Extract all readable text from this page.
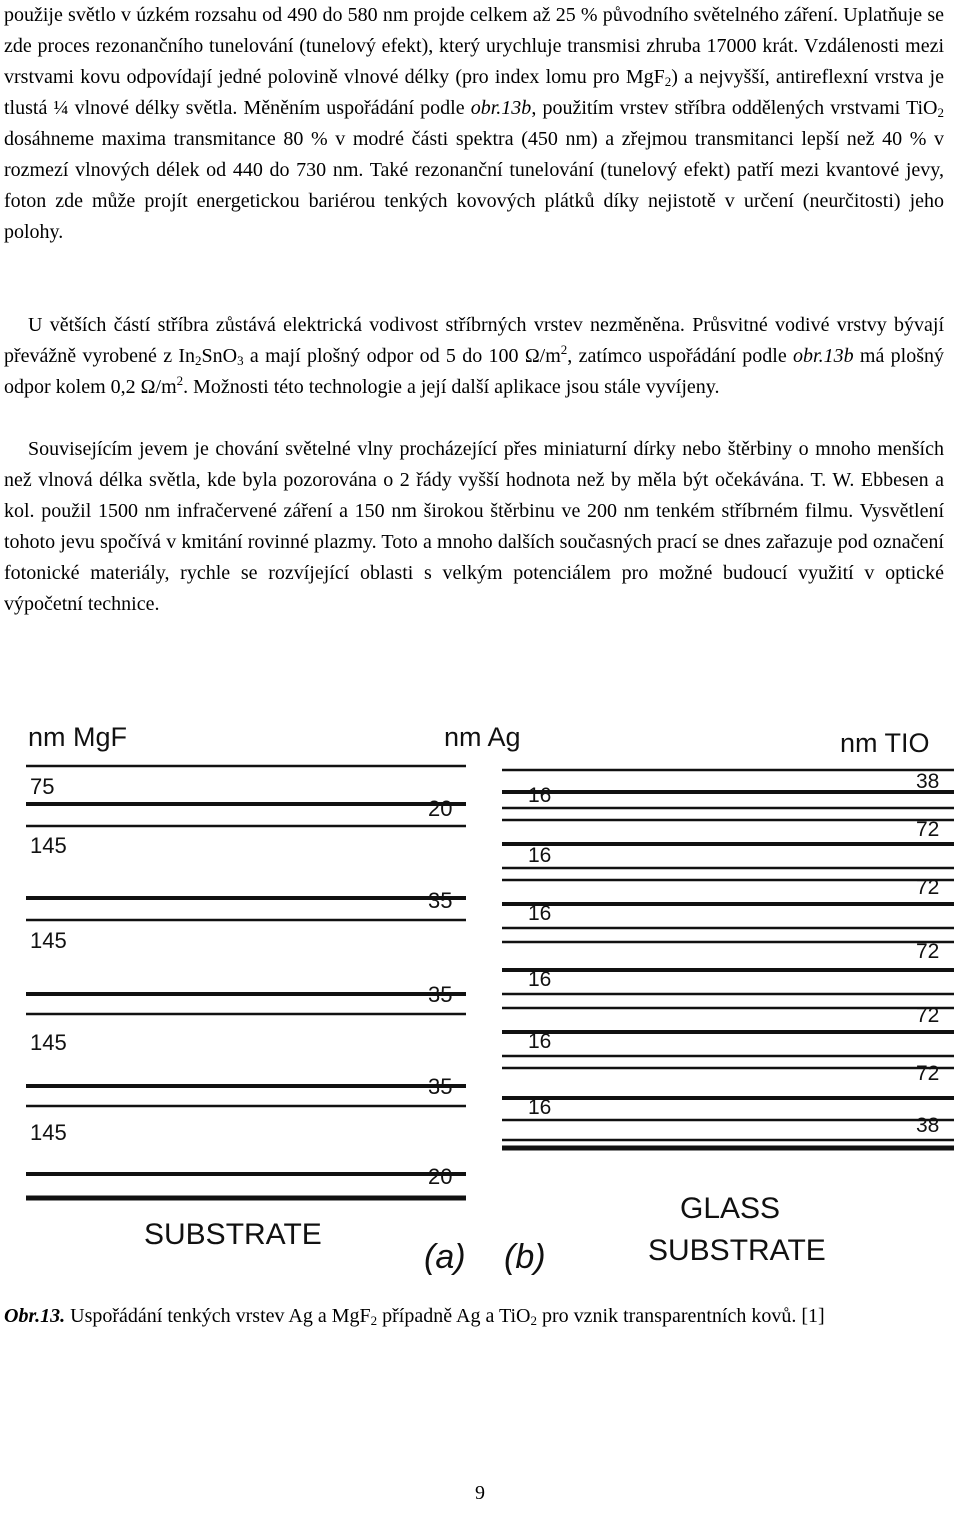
použije světlo v úzkém rozsahu od 490 do 580 nm projde celkem až 25 % původního světelného záření. Uplatňuje se zde proces rezonančního tunelování (tunelový efekt), který urychluje transmisi zhruba 17000 krát. Vzdálenosti mezi vrstvami kovu odpovídají jedné polovině vlnové délky (pro index lomu pro MgF$_2$) a nejvyšší, antireflexní vrstva je tlustá ¼ vlnové délky světla. Měněním uspořádání podle obr.13b, použitím vrstev stříbra oddělených vrstvami TiO$_2$ dosáhneme maxima transmitance 80 % v modré části spektra (450 nm) a zřejmou transmitanci lepší než 40 % v rozmezí vlnových délek od 440 do 730 nm. Také rezonanční tunelování (tunelový efekt) patří mezi kvantové jevy, foton zde může projít energetickou bariérou tenkých kovových plátků díky nejistotě v určení (neurčitosti) jeho polohy.
U větších částí stříbra zůstává elektrická vodivost stříbrných vrstev nezměněna. Průsvitné vodivé vrstvy bývají převážně vyrobené z $In_2SnO_3$ a mají plošný odpor od 5 do 100 $\Omega/m^2$, zatímco uspořádání podle obr.13b má plošný odpor kolem 0,2 $\Omega/m^2$. Možnosti této technologie a její další aplikace jsou stále vyvíjeny.
Souvisejícím jevem je chování světelné vlny procházející přes miniaturní dírky nebo štěrbiny o mnoho menších než vlnová délka světla, kde byla pozorována o 2 řády vyšší hodnota než by měla být očekávána. T. W. Ebbesen a kol. použil 1500 nm infračervené záření a 150 nm širokou štěrbinu ve 200 nm tenkém stříbrném filmu. Vysvětlení tohoto jevu spočívá v kmitání rovinné plazmy. Toto a mnoho dalších současných prací se dnes zařazuje pod označení fotonické materiály, rychle se rozvíjející oblasti s velkým potenciálem pro možné budoucí využití v optické výpočetní technice.
nm MgF	nm Ag	nm TIO
75
145
145
145
145
20
35
35
35
20
16
16
16
16
16
16
38
72
72
72
72
72
38
SUBSTRATE
(a) (b)
GLASS
SUBSTRATE
Obr.13. Uspořádání tenkých vrstev Ag a MgF$_2$ případně Ag a TiO$_2$ pro vznik transparentních kovů. [1]
9
